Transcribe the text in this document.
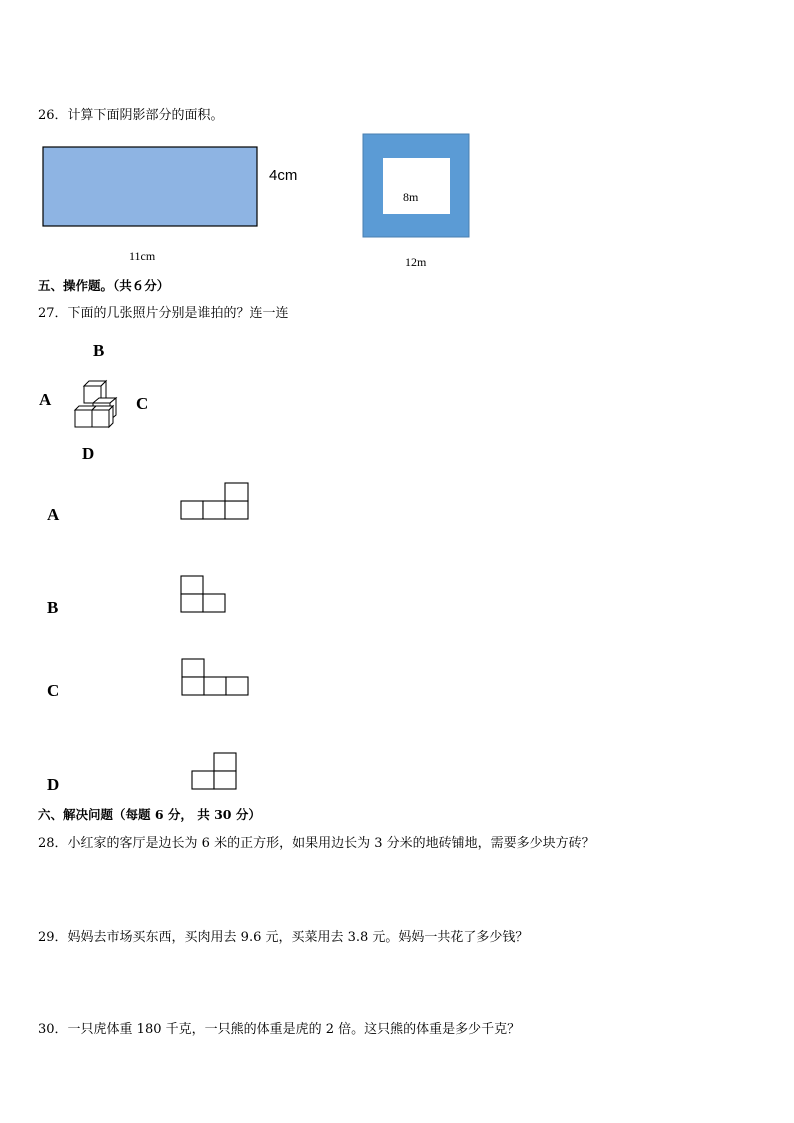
26．计算下面阴影部分的面积。
4cm
11cm
8m
12m
五、操作题。（共６分）
27．下面的几张照片分别是谁拍的？连一连
B
A	C
D
A
B
C
D
六、解决问题（每题 6 分， 共 30 分）
28．小红家的客厅是边长为 6 米的正方形，如果用边长为 3 分米的地砖铺地，需要多少块方砖？
29．妈妈去市场买东西，买肉用去 9.6 元，买菜用去 3.8 元。妈妈一共花了多少钱？
30．一只虎体重 180 千克，一只熊的体重是虎的 2 倍。这只熊的体重是多少千克？
